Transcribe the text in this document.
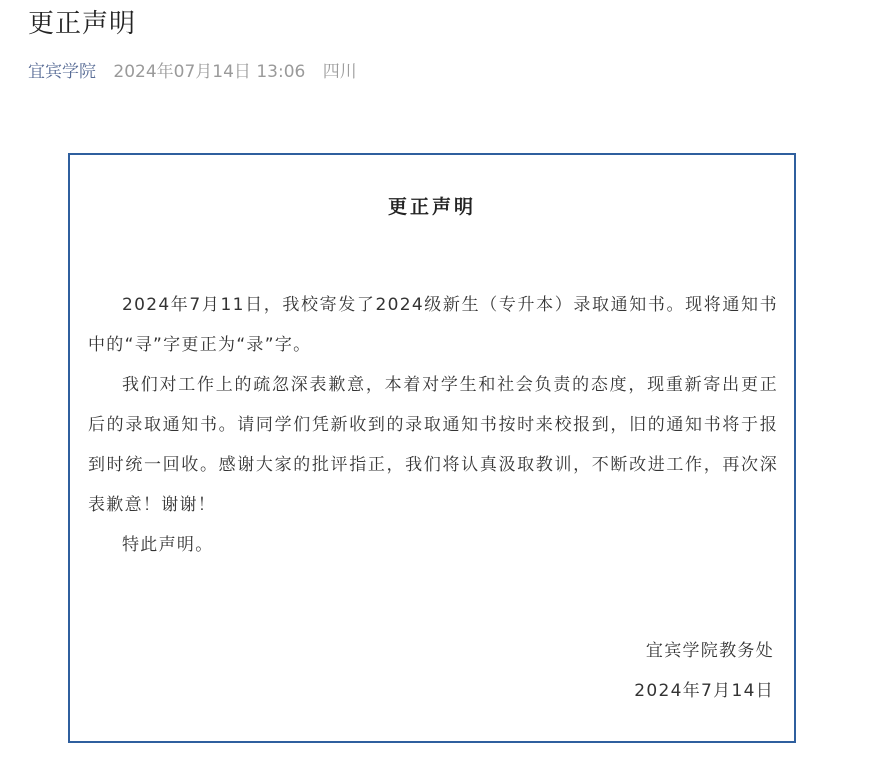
更正声明
宜宾学院 2024年07月14日 13:06 四川
更正声明

2024年7月11日，我校寄发了2024级新生（专升本）录取通知书。现将通知书中的“寻”字更正为“录”字。

我们对工作上的疏忽深表歉意，本着对学生和社会负责的态度，现重新寄出更正后的录取通知书。请同学们凭新收到的录取通知书按时来校报到，旧的通知书将于报到时统一回收。感谢大家的批评指正，我们将认真汲取教训，不断改进工作，再次深表歉意！谢谢！

特此声明。

宜宾学院教务处
2024年7月14日
